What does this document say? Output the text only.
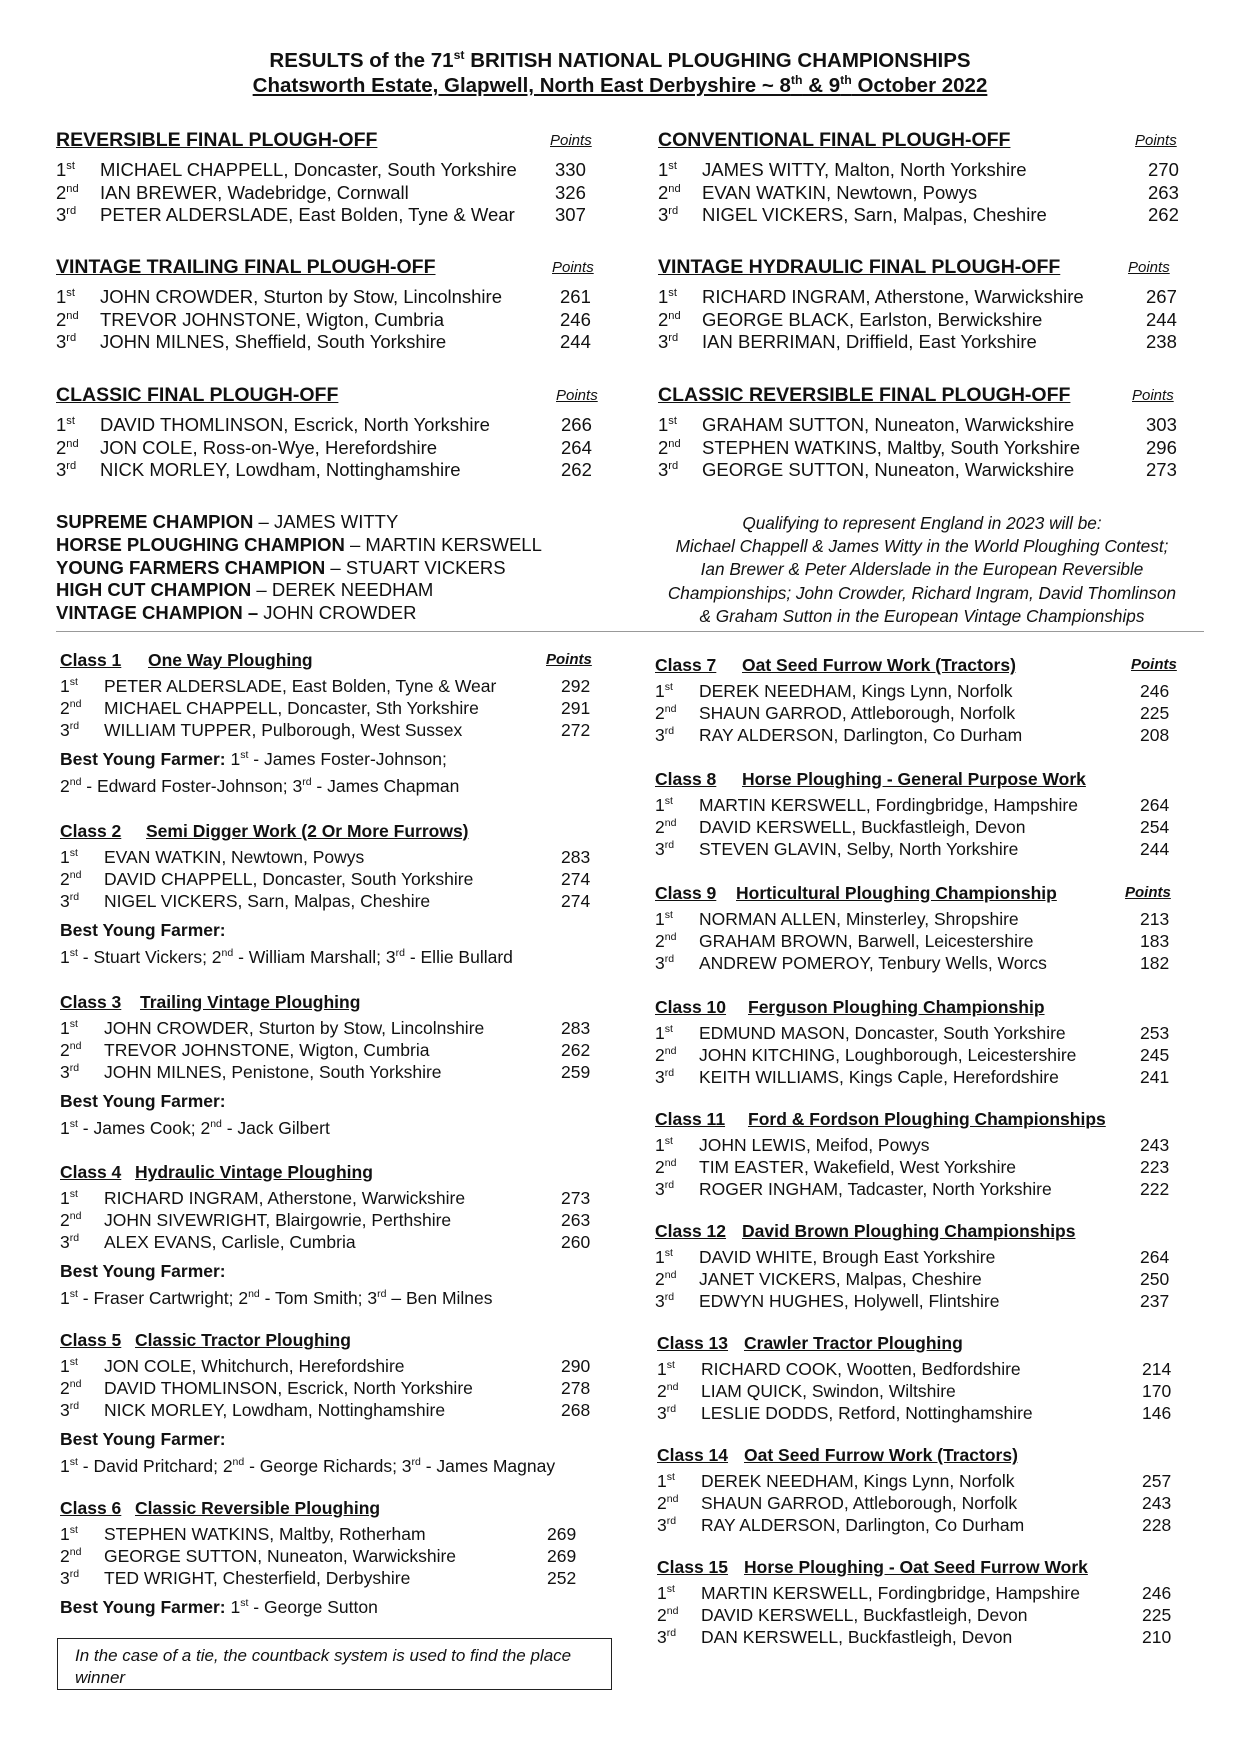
RESULTS of the 71st BRITISH NATIONAL PLOUGHING CHAMPIONSHIPS
Chatsworth Estate, Glapwell, North East Derbyshire ~ 8th & 9th October 2022
REVERSIBLE FINAL PLOUGH-OFF	Points
1st MICHAEL CHAPPELL, Doncaster, South Yorkshire 330
2nd IAN BREWER, Wadebridge, Cornwall	326
3rd PETER ALDERSLADE, East Bolden, Tyne & Wear 307
CONVENTIONAL FINAL PLOUGH-OFF	Points
1st JAMES WITTY, Malton, North Yorkshire	270
2nd EVAN WATKIN, Newtown, Powys	263
3rd NIGEL VICKERS, Sarn, Malpas, Cheshire	262
VINTAGE TRAILING FINAL PLOUGH-OFF	Points
1st JOHN CROWDER, Sturton by Stow, Lincolnshire	261
2nd TREVOR JOHNSTONE, Wigton, Cumbria	246
3rd JOHN MILNES, Sheffield, South Yorkshire	244
VINTAGE HYDRAULIC FINAL PLOUGH-OFF	Points
1st RICHARD INGRAM, Atherstone, Warwickshire	267
2nd GEORGE BLACK, Earlston, Berwickshire	244
3rd IAN BERRIMAN, Driffield, East Yorkshire	238
CLASSIC FINAL PLOUGH-OFF	Points
1st DAVID THOMLINSON, Escrick, North Yorkshire	266
2nd JON COLE, Ross-on-Wye, Herefordshire	264
3rd NICK MORLEY, Lowdham, Nottinghamshire	262
CLASSIC REVERSIBLE FINAL PLOUGH-OFF	Points
1st GRAHAM SUTTON, Nuneaton, Warwickshire	303
2nd STEPHEN WATKINS, Maltby, South Yorkshire	296
3rd GEORGE SUTTON, Nuneaton, Warwickshire	273
SUPREME CHAMPION – JAMES WITTY
HORSE PLOUGHING CHAMPION – MARTIN KERSWELL
YOUNG FARMERS CHAMPION – STUART VICKERS
HIGH CUT CHAMPION – DEREK NEEDHAM
VINTAGE CHAMPION – JOHN CROWDER
Qualifying to represent England in 2023 will be:
Michael Chappell & James Witty in the World Ploughing Contest;
Ian Brewer & Peter Alderslade in the European Reversible
Championships; John Crowder, Richard Ingram, David Thomlinson
& Graham Sutton in the European Vintage Championships
Class 1 One Way Ploughing	Points
1st PETER ALDERSLADE, East Bolden, Tyne & Wear	292
2nd MICHAEL CHAPPELL, Doncaster, Sth Yorkshire	291
3rd WILLIAM TUPPER, Pulborough, West Sussex	272
Best Young Farmer: 1st - James Foster-Johnson;
2nd - Edward Foster-Johnson; 3rd - James Chapman
Class 2 Semi Digger Work (2 Or More Furrows)
1st EVAN WATKIN, Newtown, Powys	283
2nd DAVID CHAPPELL, Doncaster, South Yorkshire	274
3rd NIGEL VICKERS, Sarn, Malpas, Cheshire	274
Best Young Farmer:
1st - Stuart Vickers; 2nd - William Marshall; 3rd - Ellie Bullard
Class 3 Trailing Vintage Ploughing
1st JOHN CROWDER, Sturton by Stow, Lincolnshire	283
2nd TREVOR JOHNSTONE, Wigton, Cumbria	262
3rd JOHN MILNES, Penistone, South Yorkshire	259
Best Young Farmer:
1st - James Cook; 2nd - Jack Gilbert
Class 4 Hydraulic Vintage Ploughing
1st RICHARD INGRAM, Atherstone, Warwickshire	273
2nd JOHN SIVEWRIGHT, Blairgowrie, Perthshire	263
3rd ALEX EVANS, Carlisle, Cumbria	260
Best Young Farmer:
1st - Fraser Cartwright; 2nd - Tom Smith; 3rd – Ben Milnes
Class 5 Classic Tractor Ploughing
1st JON COLE, Whitchurch, Herefordshire	290
2nd DAVID THOMLINSON, Escrick, North Yorkshire	278
3rd NICK MORLEY, Lowdham, Nottinghamshire	268
Best Young Farmer:
1st - David Pritchard; 2nd - George Richards; 3rd - James Magnay
Class 6 Classic Reversible Ploughing
1st STEPHEN WATKINS, Maltby, Rotherham	269
2nd GEORGE SUTTON, Nuneaton, Warwickshire	269
3rd TED WRIGHT, Chesterfield, Derbyshire	252
Best Young Farmer: 1st - George Sutton
Class 7 Oat Seed Furrow Work (Tractors)	Points
1st DEREK NEEDHAM, Kings Lynn, Norfolk	246
2nd SHAUN GARROD, Attleborough, Norfolk	225
3rd RAY ALDERSON, Darlington, Co Durham	208
Class 8 Horse Ploughing - General Purpose Work
1st MARTIN KERSWELL, Fordingbridge, Hampshire	264
2nd DAVID KERSWELL, Buckfastleigh, Devon	254
3rd STEVEN GLAVIN, Selby, North Yorkshire	244
Class 9 Horticultural Ploughing Championship	Points
1st NORMAN ALLEN, Minsterley, Shropshire	213
2nd GRAHAM BROWN, Barwell, Leicestershire	183
3rd ANDREW POMEROY, Tenbury Wells, Worcs	182
Class 10 Ferguson Ploughing Championship
1st EDMUND MASON, Doncaster, South Yorkshire	253
2nd JOHN KITCHING, Loughborough, Leicestershire	245
3rd KEITH WILLIAMS, Kings Caple, Herefordshire	241
Class 11 Ford & Fordson Ploughing Championships
1st JOHN LEWIS, Meifod, Powys	243
2nd TIM EASTER, Wakefield, West Yorkshire	223
3rd ROGER INGHAM, Tadcaster, North Yorkshire	222
Class 12 David Brown Ploughing Championships
1st DAVID WHITE, Brough East Yorkshire	264
2nd JANET VICKERS, Malpas, Cheshire	250
3rd EDWYN HUGHES, Holywell, Flintshire	237
Class 13 Crawler Tractor Ploughing
1st RICHARD COOK, Wootten, Bedfordshire	214
2nd LIAM QUICK, Swindon, Wiltshire	170
3rd LESLIE DODDS, Retford, Nottinghamshire	146
Class 14 Oat Seed Furrow Work (Tractors)
1st DEREK NEEDHAM, Kings Lynn, Norfolk	257
2nd SHAUN GARROD, Attleborough, Norfolk	243
3rd RAY ALDERSON, Darlington, Co Durham	228
Class 15 Horse Ploughing - Oat Seed Furrow Work
1st MARTIN KERSWELL, Fordingbridge, Hampshire	246
2nd DAVID KERSWELL, Buckfastleigh, Devon	225
3rd DAN KERSWELL, Buckfastleigh, Devon	210
In the case of a tie, the countback system is used to find the place winner
